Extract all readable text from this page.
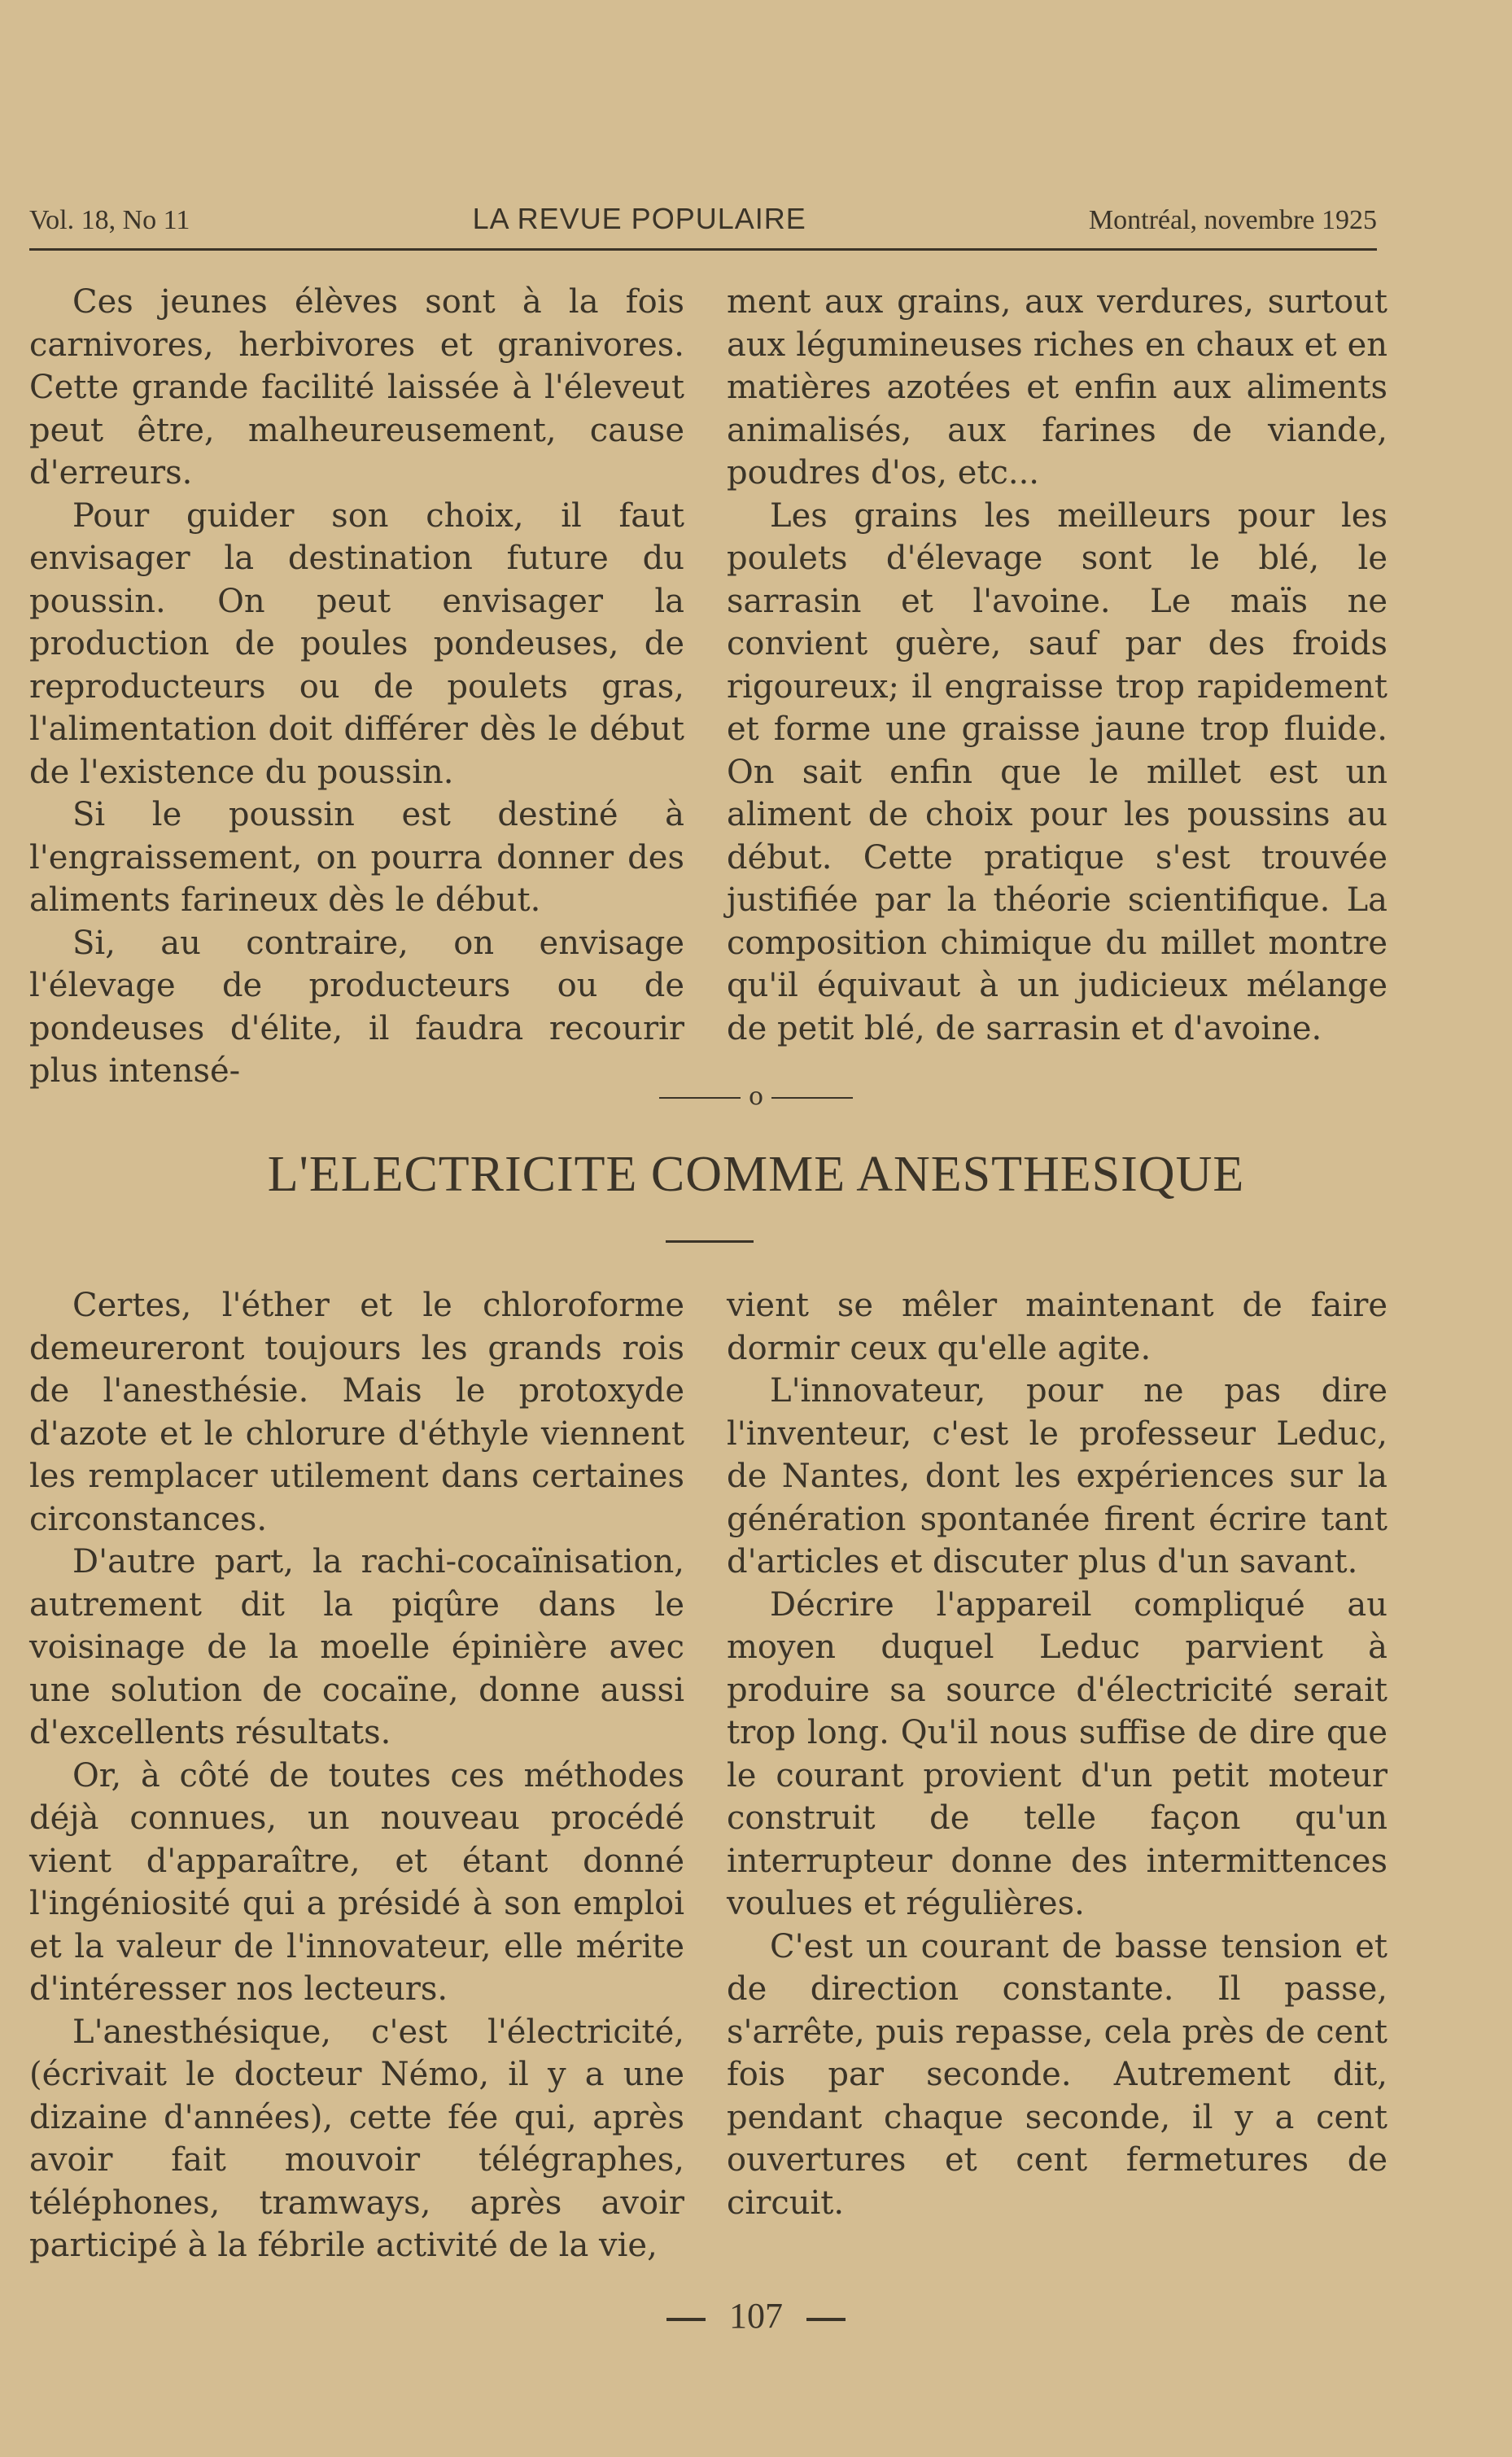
Vol. 18, No 11	LA REVUE POPULAIRE	Montréal, novembre 1925

Ces jeunes élèves sont à la fois carnivores, herbivores et granivores. Cette grande facilité laissée à l'éleveut peut être, malheureusement, cause d'erreurs.

Pour guider son choix, il faut envisager la destination future du poussin. On peut envisager la production de poules pondeuses, de reproducteurs ou de poulets gras, l'alimentation doit différer dès le début de l'existence du poussin.

Si le poussin est destiné à l'engraissement, on pourra donner des aliments farineux dès le début.

Si, au contraire, on envisage l'élevage de producteurs ou de pondeuses d'élite, il faudra recourir plus intensé-

ment aux grains, aux verdures, surtout aux légumineuses riches en chaux et en matières azotées et enfin aux aliments animalisés, aux farines de viande, poudres d'os, etc...

Les grains les meilleurs pour les poulets d'élevage sont le blé, le sarrasin et l'avoine. Le maïs ne convient guère, sauf par des froids rigoureux; il engraisse trop rapidement et forme une graisse jaune trop fluide. On sait enfin que le millet est un aliment de choix pour les poussins au début. Cette pratique s'est trouvée justifiée par la théorie scientifique. La composition chimique du millet montre qu'il équivaut à un judicieux mélange de petit blé, de sarrasin et d'avoine.

o
L'ELECTRICITE COMME ANESTHESIQUE

Certes, l'éther et le chloroforme demeureront toujours les grands rois de l'anesthésie. Mais le protoxyde d'azote et le chlorure d'éthyle viennent les remplacer utilement dans certaines circonstances.

D'autre part, la rachi-cocaïnisation, autrement dit la piqûre dans le voisinage de la moelle épinière avec une solution de cocaïne, donne aussi d'excellents résultats.

Or, à côté de toutes ces méthodes déjà connues, un nouveau procédé vient d'apparaître, et étant donné l'ingéniosité qui a présidé à son emploi et la valeur de l'innovateur, elle mérite d'intéresser nos lecteurs.

L'anesthésique, c'est l'électricité, (écrivait le docteur Némo, il y a une dizaine d'années), cette fée qui, après avoir fait mouvoir télégraphes, téléphones, tramways, après avoir participé à la fébrile activité de la vie,

vient se mêler maintenant de faire dormir ceux qu'elle agite.

L'innovateur, pour ne pas dire l'inventeur, c'est le professeur Leduc, de Nantes, dont les expériences sur la génération spontanée firent écrire tant d'articles et discuter plus d'un savant.

Décrire l'appareil compliqué au moyen duquel Leduc parvient à produire sa source d'électricité serait trop long. Qu'il nous suffise de dire que le courant provient d'un petit moteur construit de telle façon qu'un interrupteur donne des intermittences voulues et régulières.

C'est un courant de basse tension et de direction constante. Il passe, s'arrête, puis repasse, cela près de cent fois par seconde. Autrement dit, pendant chaque seconde, il y a cent ouvertures et cent fermetures de circuit.

107
